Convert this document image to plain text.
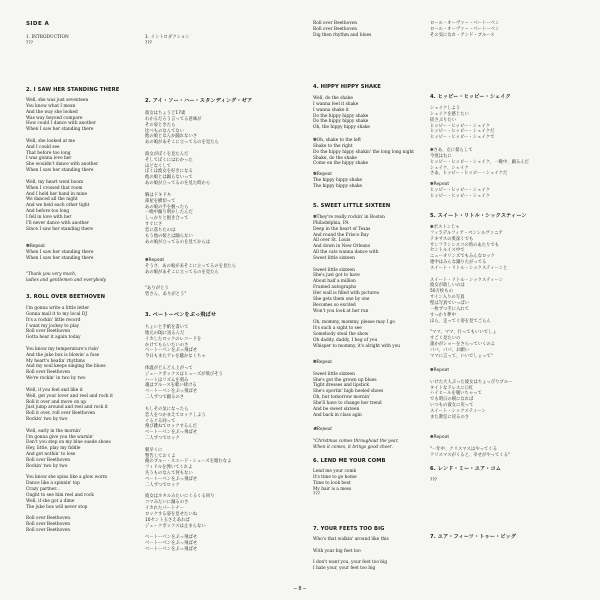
SIDE A
1. INTRODUCTION
???
2. I SAW HER STANDING THERE
Well, she was just seventeen
You know what I mean
And the way she looked
Was way beyond compare
How could I dance with another
When I saw her standing there
Well, she looked at me
And I could see
That before too long
I was gonna love her
She wouldn't dance with another
When I saw her standing there
Well, my heart went boom
When I crossed that room
And I held her hand in mine
We danced all the night
And we held each other tight
And before too long
I fell in love with her
I'll never dance with another
Since I saw her standing there
✽Repeat
When I saw her standing there
When I saw her standing there
"Thank you very much,
ladies and gentlemen and everybody
3. ROLL OVER BEETHOVEN
I'm gonna write a little letter
Gonna mail it to my local DJ
It's a rockin' little record
I want my jockey to play
Roll over Beethoven
Gotta hear it again today
You know my temperature's risin'
And the juke box is blowin' a fuse
My heart's beatin' rhythms
And my soul keeps singing the blues
Roll over Beethoven
We're rockin' in two by two
Well, if you feel and like it
Well, get your lover and reel and rock it
Roll it over and move on up
Just jump around and reel and rock it
Roll it over, roll over Beethoven
Rockin' two by two
Well, early in the mornin'
I'm gonna give you the warnin'
Don't you step on my blue suede shoes
Hey, little, play my fiddle
And got nothin' to lose
Roll over Beethoven
Rockin' two by two
You know she spins like a glow worm
Dance like a spinnin' top
Crazy partner...
Ought to see him reel and rock
Well, if she got a dime
The juke box will never stop
Roll over Beethoven
Roll over Beethoven
Roll over Beethoven
1. イントロダクション
???
2. アイ・ソー・ハー・スタンディング・ゼア
彼女はちょうど17歳
わかるだろう言ってる意味が
その姿ときたら
比べものなんてない
他の娘となんか踊れないさ
あの娘があそこに立ってるのを見たら
彼女がぼくを見たんだ
そしてぼくにはわかった
ほどなくして
ぼくは彼女を好きになる
他の娘とは踊らないって
あの娘が立ってるのを見た時から
胸はドキドキ
部屋を横切って
あの娘の手を握ったら
一晩中踊り明かしたんだ
しっかりと抱き合って
すぐにさ
恋に落ちたのは
もう他の娘とは踊らない
あの娘が立ってるのを見てからは
✽Repeat
そうさ、あの娘があそこに立ってるのを見たら
あの娘があそこに立ってるのを見たら
"ありがとう
皆さん、ありがとう"
3. ベートーベンをぶっ飛ばせ
ちょいと手紙を書いて
地元のDJに送るんだ
イカしたロックのレコードを
かけてもらいたいのさ
ベートーベンをぶっ飛ばせ
今日もまたアレを聴かなくちゃ
体温がどんどん上がって
ジュークボックスはヒューズが飛びそう
ハートはリズムを刻み
魂はブルースを歌い続ける
ベートーベンをぶっ飛ばせ
二人ずつで踊るのさ
もしその気になったら
恋人をつかまえてロックしよう
ぐるぐる回って
飛び跳ねてロックするんだ
ベートーベンをぶっ飛ばせ
二人ずつでロック
朝早くに
警告しておくよ
俺のブルー・スエード・シューズを踏むなよ
フィドルを弾いてくれよ
失うものなんて何もない
ベートーベンをぶっ飛ばせ
二人ずつでロック
彼女はホタルみたいにくるくる回り
コマみたいに踊るのさ
イカれたパートナー
ロックする姿を見せたいね
10セント玉さえあれば
ジュークボックスは止まらない
ベートーベンをぶっ飛ばせ
ベートーベンをぶっ飛ばせ
ベートーベンをぶっ飛ばせ
Roll over Beethoven
Roll over Beethoven
Dig then rhythm and blues
4. HIPPY HIPPY SHAKE
Well, do the shake
I wanna feel it shake
I wanna shake it
Do the hippy hippy shake
Do the hippy hippy shake
Oh, the hippy hippy shake
✽Oh, shake to the left
Shake to the right
Do the hippy hippy shakin' the long long night
Shake, do the shake
Come on the hippy shake
✽Repeat
The hippy hippy shake
The hippy hippy shake
5. SWEET LITTLE SIXTEEN
✽They're really rockin' in Boston
Philadelphia, PA
Deep in the heart of Texas
And round the Frisco Bay
All over St. Louis
And down in New Orleans
All the cats wanna dance with
Sweet little sixteen
Sweet little sixteen
She's just got to have
About half a million
Framed autographs
Her wall is filled with pictures
She gets them one by one
Becomes so excited
Won't you look at her run
Oh, mommy, mommy, please may I go
It's such a sight to see
Somebody steal the show
Oh daddy, daddy, I beg of you
Whisper to mommy, it's alright with you
✽Repeat
Sweet little sixteen
She's got the grown up blues
Tight dresses and lipstick
She's sportin' high heeled shoes
Oh, but tomorrow mornin'
She'll have to change her trend
And be sweet sixteen
And back in class agin
✽Repeat
"Christmas comes throughout the year,
When it comes, it brings good cheer.
6. LEND ME YOUR COMB
Lend me your comb
It's time to go home
Time to look best
My hair is a mess
???
7. YOUR FEETS TOO BIG
Who's that walkin' around like this
With your big feet too
I don't want you, your feet too big
I hate your, your feet too big
ロール・オーヴァー・ベートーベン
ロール・オーヴァー・ベートーベン
その気になれ・アンド・ブルース
4. ヒッピー・ヒッピー・シェイク
シェイクしよう
シェイクを感じたい
揺さぶりたい
ヒッピー・ヒッピー・シェイク
ヒッピー・ヒッピー・シェイクだ
ヒッピー・ヒッピー・シェイクで
✽さあ、左に揺らして
今度は右に
ヒッピー・ヒッピー・シェイク、一晩中、踊るんだ
シェイク、シェイク
さあ、ヒッピー・ヒッピー・シェイクだ
✽Repeat
ヒッピー・ヒッピー・シェイク
ヒッピー・ヒッピー・シェイク
5. スイート・リトル・シックスティーン
✽ボストンじゃ
フィラデルフィア・ペンシルヴァニア
テキサスの奥深くでも
サンフランシスコの湾のあたりでも
セントルイス中で
ニューオリンズでもみんなロック
連中はみんな踊りたがってる
スイート・リトル・シックスティーンと
スイート・リトル・シックスティーン
彼女が欲しいのは
50万枚もの
サイン入りの写真
壁は写真でいっぱい
一枚ずつ手に入れて
すっかり夢中
ほら、走ってく姿を見てごらん
"ママ、ママ、行ってもいいでしょ
すごく見たいの
誰かがショーをさらっていくのよ
パパ、パパ、お願い
ママに言って、いいでしょって"
✽Repeat
いけた大人ぶった彼女はちょっぴりブルー
タイトなドレスに口紅
ハイヒールを履いちゃって
でも明日の朝になれば
いつもの彼女に戻って
スイート・シックスティーン
また教室に戻るのさ
✽Repeat
"一年中、クリスマスはやってくる
クリスマスがくると、幸せがやってくる"
6. レンド・ミー・ユア・コム
???
7. ユア・フィーツ・トゥー・ビッグ
─ 8 ─
